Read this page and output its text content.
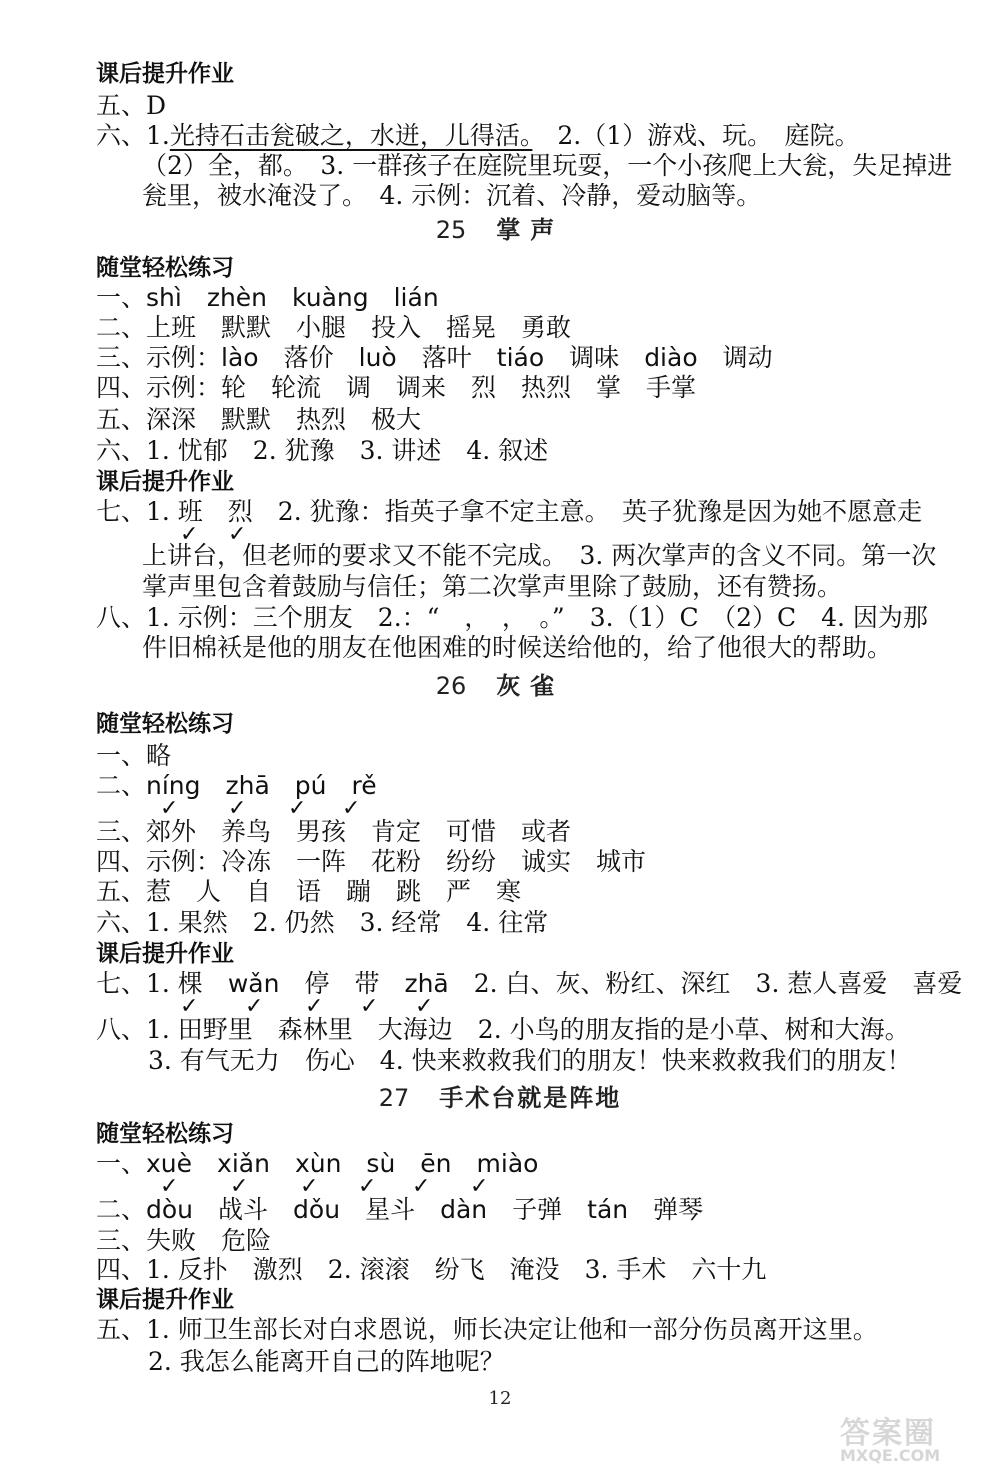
课后提升作业
五、D
六、1.光持石击瓮破之，水迸，儿得活。　 2.（1）游戏、玩。　庭院。
（2）全，都。　3. 一群孩子在庭院里玩耍，一个小孩爬上大瓮，失足掉进
瓮里，被水淹没了。　4. 示例：沉着、冷静，爱动脑等。
25　 掌声
随堂轻松练习
一、shì　zhèn　kuàng　lián
二、上班　默默　小腿　投入　摇晃　勇敢
三、示例：lào　 落价　 luò　 落叶　 tiáo　 调味　 diào　 调动
四、示例：轮　轮流　调　调来　烈　热烈　掌　手掌
五、深深　默默　热烈　极大
六、1. 忧郁　2. 犹豫　3. 讲述　4. 叙述
课后提升作业
七、1. 班　烈　2. 犹豫：指英子拿不定主意。　英子犹豫是因为她不愿意走
✓ ✓
上讲台，但老师的要求又不能不完成。　3. 两次掌声的含义不同。第一次
掌声里包含着鼓励与信任；第二次掌声里除了鼓励，还有赞扬。
八、1. 示例：三个朋友　2.：“　，　，　。”　3.（1）C　（2）C　4. 因为那
件旧棉袄是他的朋友在他困难的时候送给他的，给了他很大的帮助。
26　 灰雀
随堂轻松练习
一、略
二、níng　zhā　pú　rě
✓ ✓ ✓ ✓
三、郊外　养鸟　男孩　肯定　可惜　或者
四、示例：冷冻　一阵　花粉　纷纷　诚实　城市
五、惹　人　自　语　蹦　跳　严　寒
六、1. 果然　2. 仍然　3. 经常　4. 往常
课后提升作业
七、1. 棵　wǎn　停　带　zhā　2. 白、灰、粉红、深红　3. 惹人喜爱　喜爱
✓ ✓ ✓ ✓ ✓
八、1. 田野里　森林里　大海边　2. 小鸟的朋友指的是小草、树和大海。
3. 有气无力　伤心　4. 快来救救我们的朋友！快来救救我们的朋友！
27　 手术台就是阵地
随堂轻松练习
一、xuè　xiǎn　xùn　sù　ēn　miào
✓ ✓ ✓ ✓ ✓ ✓
二、dòu　战斗　dǒu　星斗　dàn　子弹　tán　弹琴
三、失败　危险
四、1. 反扑　激烈　2. 滚滚　纷飞　淹没　3. 手术　六十九
课后提升作业
五、1. 师卫生部长对白求恩说，师长决定让他和一部分伤员离开这里。
2. 我怎么能离开自己的阵地呢？
12
答案圈
MXQE.COM
